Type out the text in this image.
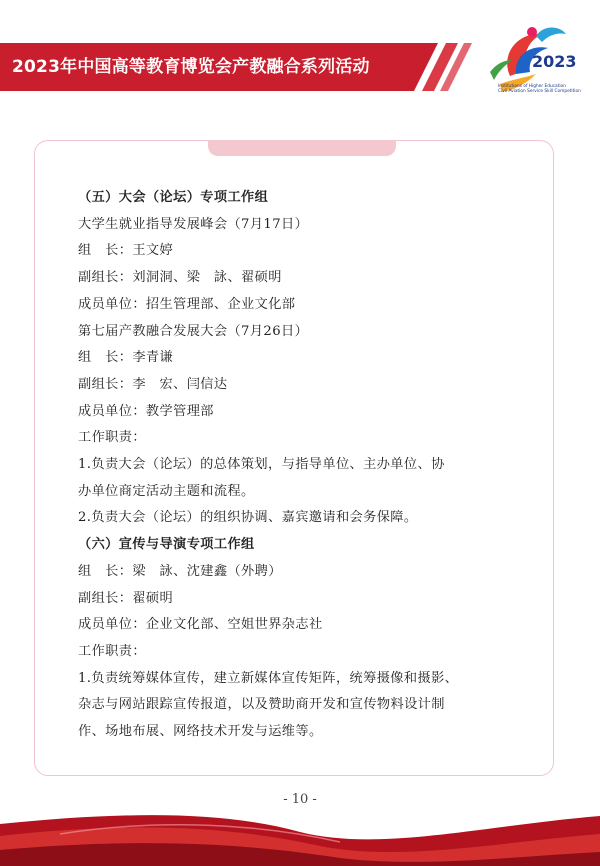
2023年中国高等教育博览会产教融合系列活动	2023
Institutions of Higher Education
Civil Aviation Service Skill Competition
（五）大会（论坛）专项工作组
大学生就业指导发展峰会（7月17日）
组　长：王文婷
副组长：刘洞洞、梁　詠、翟硕明
成员单位：招生管理部、企业文化部
第七届产教融合发展大会（7月26日）
组　长：李青谦
副组长：李　宏、闫信达
成员单位：教学管理部
工作职责：
1.负责大会（论坛）的总体策划，与指导单位、主办单位、协
办单位商定活动主题和流程。
2.负责大会（论坛）的组织协调、嘉宾邀请和会务保障。
（六）宣传与导演专项工作组
组　长：梁　詠、沈建鑫（外聘）
副组长：翟硕明
成员单位：企业文化部、空姐世界杂志社
工作职责：
1.负责统筹媒体宣传，建立新媒体宣传矩阵，统筹摄像和摄影、
杂志与网站跟踪宣传报道，以及赞助商开发和宣传物料设计制
作、场地布展、网络技术开发与运维等。
- 10 -
